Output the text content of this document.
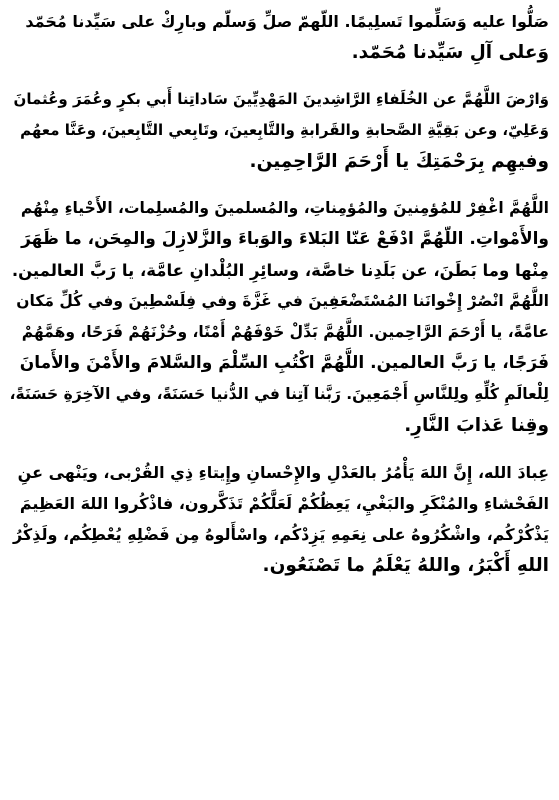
صَلُّوا عليه وَسَلِّموا تَسلِيمًا. اللّهمّ صلِّ وَسلّم وبارِكْ على سَيِّدنا مُحَمّد
وَعلى آلِ سَيِّدنا مُحَمّد.

وَارْضَ اللَّهُمَّ عن الخُلَفاءِ الرَّاشِدينَ المَهْدِيِّينَ سَاداتِنا أَبي بكرٍ وعُمَرَ وعُثمانَ
وَعَلِيّ، وعن بَقِيَّةِ الصَّحابةِ والقَرابةِ والتَّابِعينَ، وتَابِعي التَّابِعينَ، وعَنَّا معهُم
وفيهِم بِرَحْمَتِكَ يا أَرْحَمَ الرَّاحِمِين.

اللَّهُمَّ اغْفِرْ للمُؤمِنينَ والمُؤمِناتِ، والمُسلمينَ والمُسلِمات، الأَحْياءِ مِنْهُم
والأَمْواتِ. اللّهُمَّ ادْفَعْ عَنّا البَلاءَ والوَباءَ والزَّلازِلَ والمِحَن، ما ظَهَرَ
مِنْها وما بَطَنَ، عن بَلَدِنا خاصَّة، وسائِرِ البُلْدانِ عامَّة، يا رَبَّ العالمين.
اللَّهُمَّ انْصُرْ إِخْوانَنا المُسْتَضْعَفِينَ في غَزَّةَ وفي فِلَسْطِينَ وفي كُلِّ مَكان
عامَّةً، يا أَرْحَمَ الرَّاحِمين. اللَّهُمَّ بَدِّلْ خَوْفَهُمْ أَمْنًا، وحُزْنَهُمْ فَرَحًا، وهَمَّهُمْ
فَرَجًا، يا رَبَّ العالمين. اللَّهُمَّ اكْتُبِ السِّلْمَ والسَّلامَ والأَمْنَ والأَمانَ
لِلْعالَمِ كُلِّهِ ولِلنَّاسِ أَجْمَعِينَ. رَبَّنا آتِنا في الدُّنيا حَسَنَةً، وفي الآخِرَةِ حَسَنَةً،
وقِنا عَذابَ النَّارِ.

عِبادَ الله، إِنَّ اللهَ يَأْمُرُ بالعَدْلِ والإِحْسانِ وإِيتاءِ ذِي القُرْبى، ويَنْهى عنِ
الفَحْشاءِ والمُنْكَرِ والبَغْيِ، يَعِظُكُمْ لَعَلَّكُمْ تَذَكَّرون، فاذْكُروا اللهَ العَظِيمَ
يَذْكُرْكُم، واشْكُرُوهُ على نِعَمِهِ يَزِدْكُم، واسْأَلوهُ مِن فَضْلِهِ يُعْطِكُم، ولَذِكْرُ
اللهِ أَكْبَرُ، واللهُ يَعْلَمُ ما تَصْنَعُون.
